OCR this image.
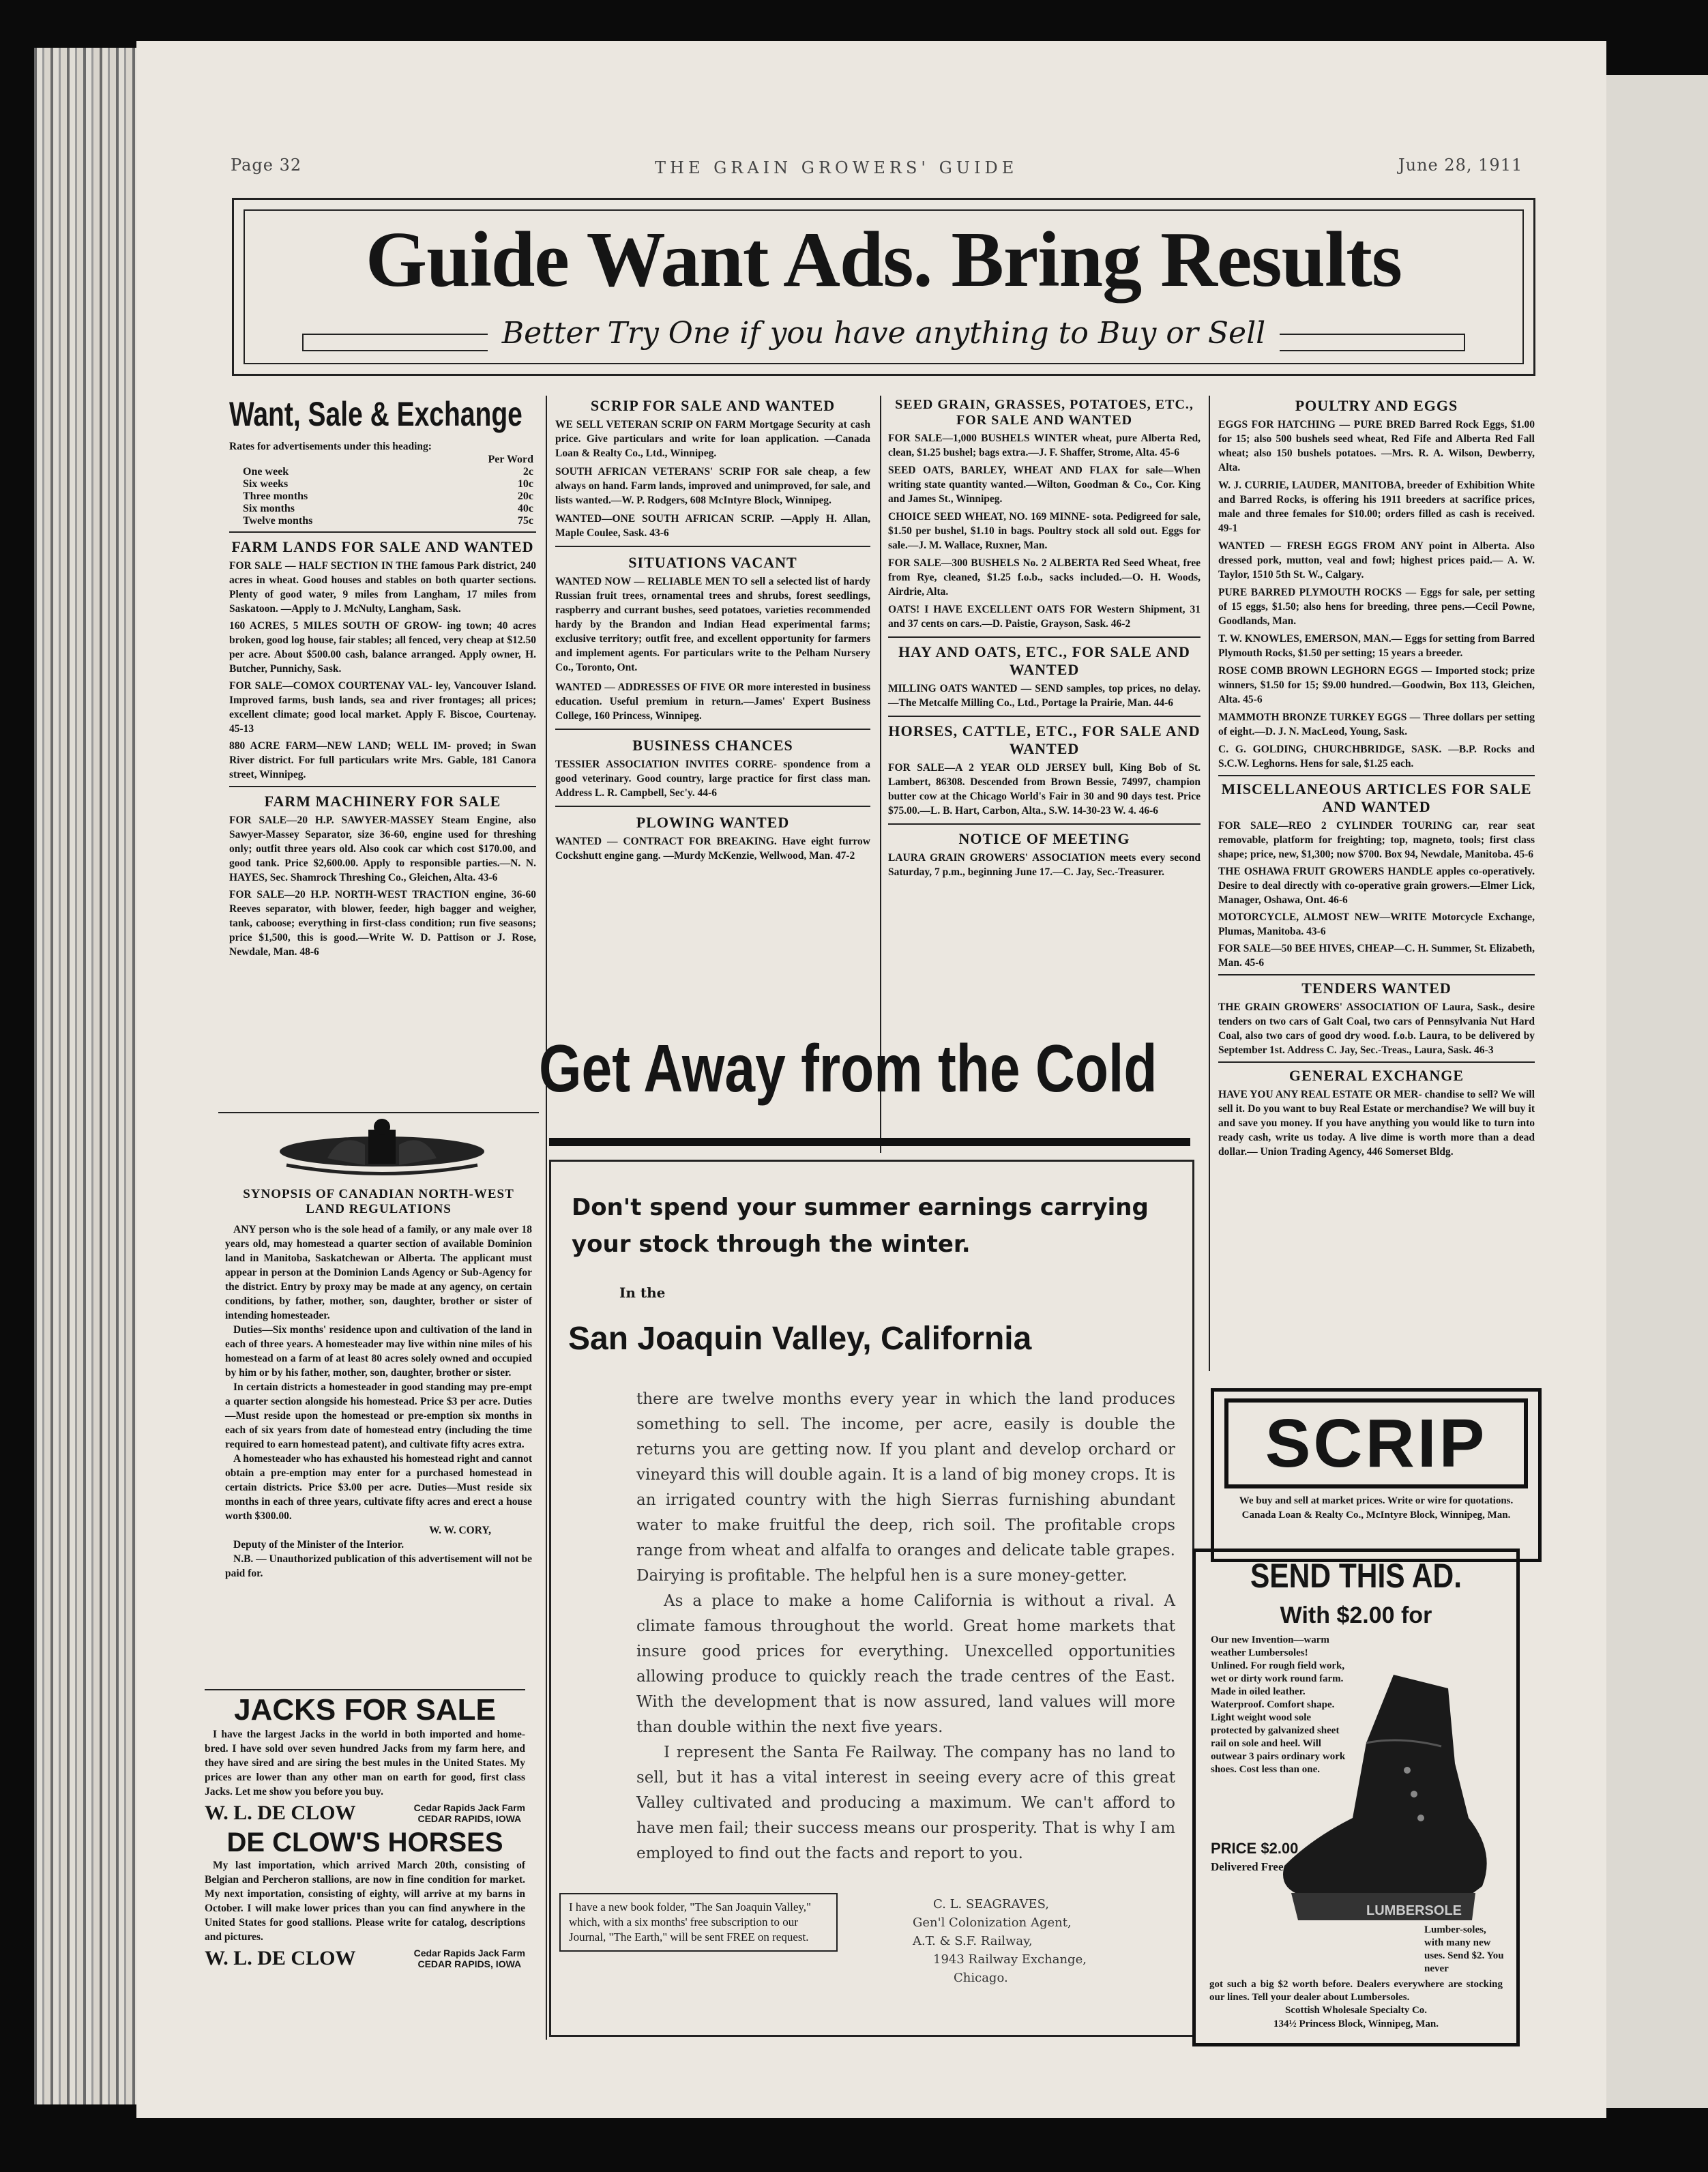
Page 32	THE GRAIN GROWERS' GUIDE	June 28, 1911
Guide Want Ads. Bring Results
Better Try One if you have anything to Buy or Sell
Want, Sale & Exchange
Rates for advertisements under this heading:
	Per Word
One week	2c
Six weeks	10c
Three months	20c
Six months	40c
Twelve months	75c
FARM LANDS FOR SALE AND WANTED
FOR SALE — HALF SECTION IN THE famous Park district, 240 acres in wheat. Good houses and stables on both quarter sections. Plenty of good water, 9 miles from Langham, 17 miles from Saskatoon. —Apply to J. McNulty, Langham, Sask.
160 ACRES, 5 MILES SOUTH OF GROW- ing town; 40 acres broken, good log house, fair stables; all fenced, very cheap at $12.50 per acre. About $500.00 cash, balance arranged. Apply owner, H. Butcher, Punnichy, Sask.
FOR SALE—COMOX COURTENAY VAL- ley, Vancouver Island. Improved farms, bush lands, sea and river frontages; all prices; excellent climate; good local market. Apply F. Biscoe, Courtenay. 45-13
880 ACRE FARM—NEW LAND; WELL IM- proved; in Swan River district. For full particulars write Mrs. Gable, 181 Canora street, Winnipeg.
FARM MACHINERY FOR SALE
FOR SALE—20 H.P. SAWYER-MASSEY Steam Engine, also Sawyer-Massey Separator, size 36-60, engine used for threshing only; outfit three years old. Also cook car which cost $170.00, and good tank. Price $2,600.00. Apply to responsible parties.—N. N. HAYES, Sec. Shamrock Threshing Co., Gleichen, Alta. 43-6
FOR SALE—20 H.P. NORTH-WEST TRACTION engine, 36-60 Reeves separator, with blower, feeder, high bagger and weigher, tank, caboose; everything in first-class condition; run five seasons; price $1,500, this is good.—Write W. D. Pattison or J. Rose, Newdale, Man. 48-6
SYNOPSIS OF CANADIAN NORTH-WEST LAND REGULATIONS
ANY person who is the sole head of a family, or any male over 18 years old, may homestead a quarter section of available Dominion land in Manitoba, Saskatchewan or Alberta. The applicant must appear in person at the Dominion Lands Agency or Sub-Agency for the district. Entry by proxy may be made at any agency, on certain conditions, by father, mother, son, daughter, brother or sister of intending homesteader.
Duties—Six months' residence upon and cultivation of the land in each of three years. A homesteader may live within nine miles of his homestead on a farm of at least 80 acres solely owned and occupied by him or by his father, mother, son, daughter, brother or sister.
In certain districts a homesteader in good standing may pre-empt a quarter section alongside his homestead. Price $3 per acre. Duties—Must reside upon the homestead or pre-emption six months in each of six years from date of homestead entry (including the time required to earn homestead patent), and cultivate fifty acres extra.
A homesteader who has exhausted his homestead right and cannot obtain a pre-emption may enter for a purchased homestead in certain districts. Price $3.00 per acre. Duties—Must reside six months in each of three years, cultivate fifty acres and erect a house worth $300.00.
W. W. CORY,
Deputy of the Minister of the Interior.
N.B. — Unauthorized publication of this advertisement will not be paid for.
JACKS FOR SALE
I have the largest Jacks in the world in both imported and home-bred. I have sold over seven hundred Jacks from my farm here, and they have sired and are siring the best mules in the United States. My prices are lower than any other man on earth for good, first class Jacks. Let me show you before you buy.
W. L. DE CLOW	Cedar Rapids Jack Farm
CEDAR RAPIDS, IOWA
DE CLOW'S HORSES
My last importation, which arrived March 20th, consisting of Belgian and Percheron stallions, are now in fine condition for market. My next importation, consisting of eighty, will arrive at my barns in October. I will make lower prices than you can find anywhere in the United States for good stallions. Please write for catalog, descriptions and pictures.
W. L. DE CLOW	Cedar Rapids Jack Farm
CEDAR RAPIDS, IOWA
SCRIP FOR SALE AND WANTED
WE SELL VETERAN SCRIP ON FARM Mortgage Security at cash price. Give particulars and write for loan application. —Canada Loan & Realty Co., Ltd., Winnipeg.
SOUTH AFRICAN VETERANS' SCRIP FOR sale cheap, a few always on hand. Farm lands, improved and unimproved, for sale, and lists wanted.—W. P. Rodgers, 608 McIntyre Block, Winnipeg.
WANTED—ONE SOUTH AFRICAN SCRIP. —Apply H. Allan, Maple Coulee, Sask. 43-6
SITUATIONS VACANT
WANTED NOW — RELIABLE MEN TO sell a selected list of hardy Russian fruit trees, ornamental trees and shrubs, forest seedlings, raspberry and currant bushes, seed potatoes, varieties recommended hardy by the Brandon and Indian Head experimental farms; exclusive territory; outfit free, and excellent opportunity for farmers and implement agents. For particulars write to the Pelham Nursery Co., Toronto, Ont.
WANTED — ADDRESSES OF FIVE OR more interested in business education. Useful premium in return.—James' Expert Business College, 160 Princess, Winnipeg.
BUSINESS CHANCES
TESSIER ASSOCIATION INVITES CORRE- spondence from a good veterinary. Good country, large practice for first class man. Address L. R. Campbell, Sec'y. 44-6
PLOWING WANTED
WANTED — CONTRACT FOR BREAKING. Have eight furrow Cockshutt engine gang. —Murdy McKenzie, Wellwood, Man. 47-2
SEED GRAIN, GRASSES, POTATOES, ETC., FOR SALE AND WANTED
FOR SALE—1,000 BUSHELS WINTER wheat, pure Alberta Red, clean, $1.25 bushel; bags extra.—J. F. Shaffer, Strome, Alta. 45-6
SEED OATS, BARLEY, WHEAT AND FLAX for sale—When writing state quantity wanted.—Wilton, Goodman & Co., Cor. King and James St., Winnipeg.
CHOICE SEED WHEAT, NO. 169 MINNE- sota. Pedigreed for sale, $1.50 per bushel, $1.10 in bags. Poultry stock all sold out. Eggs for sale.—J. M. Wallace, Ruxner, Man.
FOR SALE—300 BUSHELS No. 2 ALBERTA Red Seed Wheat, free from Rye, cleaned, $1.25 f.o.b., sacks included.—O. H. Woods, Airdrie, Alta.
OATS! I HAVE EXCELLENT OATS FOR Western Shipment, 31 and 37 cents on cars.—D. Paistie, Grayson, Sask. 46-2
HAY AND OATS, ETC., FOR SALE AND WANTED
MILLING OATS WANTED — SEND samples, top prices, no delay.—The Metcalfe Milling Co., Ltd., Portage la Prairie, Man. 44-6
HORSES, CATTLE, ETC., FOR SALE AND WANTED
FOR SALE—A 2 YEAR OLD JERSEY bull, King Bob of St. Lambert, 86308. Descended from Brown Bessie, 74997, champion butter cow at the Chicago World's Fair in 30 and 90 days test. Price $75.00.—L. B. Hart, Carbon, Alta., S.W. 14-30-23 W. 4. 46-6
NOTICE OF MEETING
LAURA GRAIN GROWERS' ASSOCIATION meets every second Saturday, 7 p.m., beginning June 17.—C. Jay, Sec.-Treasurer.
POULTRY AND EGGS
EGGS FOR HATCHING — PURE BRED Barred Rock Eggs, $1.00 for 15; also 500 bushels seed wheat, Red Fife and Alberta Red Fall wheat; also 150 bushels potatoes. —Mrs. R. A. Wilson, Dewberry, Alta.
W. J. CURRIE, LAUDER, MANITOBA, breeder of Exhibition White and Barred Rocks, is offering his 1911 breeders at sacrifice prices, male and three females for $10.00; orders filled as cash is received. 49-1
WANTED — FRESH EGGS FROM ANY point in Alberta. Also dressed pork, mutton, veal and fowl; highest prices paid.— A. W. Taylor, 1510 5th St. W., Calgary.
PURE BARRED PLYMOUTH ROCKS — Eggs for sale, per setting of 15 eggs, $1.50; also hens for breeding, three pens.—Cecil Powne, Goodlands, Man.
T. W. KNOWLES, EMERSON, MAN.— Eggs for setting from Barred Plymouth Rocks, $1.50 per setting; 15 years a breeder.
ROSE COMB BROWN LEGHORN EGGS — Imported stock; prize winners, $1.50 for 15; $9.00 hundred.—Goodwin, Box 113, Gleichen, Alta. 45-6
MAMMOTH BRONZE TURKEY EGGS — Three dollars per setting of eight.—D. J. N. MacLeod, Young, Sask.
C. G. GOLDING, CHURCHBRIDGE, SASK. —B.P. Rocks and S.C.W. Leghorns. Hens for sale, $1.25 each.
MISCELLANEOUS ARTICLES FOR SALE AND WANTED
FOR SALE—REO 2 CYLINDER TOURING car, rear seat removable, platform for freighting; top, magneto, tools; first class shape; price, new, $1,300; now $700. Box 94, Newdale, Manitoba. 45-6
THE OSHAWA FRUIT GROWERS HANDLE apples co-operatively. Desire to deal directly with co-operative grain growers.—Elmer Lick, Manager, Oshawa, Ont. 46-6
MOTORCYCLE, ALMOST NEW—WRITE Motorcycle Exchange, Plumas, Manitoba. 43-6
FOR SALE—50 BEE HIVES, CHEAP—C. H. Summer, St. Elizabeth, Man. 45-6
TENDERS WANTED
THE GRAIN GROWERS' ASSOCIATION OF Laura, Sask., desire tenders on two cars of Galt Coal, two cars of Pennsylvania Nut Hard Coal, also two cars of good dry wood. f.o.b. Laura, to be delivered by September 1st. Address C. Jay, Sec.-Treas., Laura, Sask. 46-3
GENERAL EXCHANGE
HAVE YOU ANY REAL ESTATE OR MER- chandise to sell? We will sell it. Do you want to buy Real Estate or merchandise? We will buy it and save you money. If you have anything you would like to turn into ready cash, write us today. A live dime is worth more than a dead dollar.— Union Trading Agency, 446 Somerset Bldg.
Get Away from the Cold
Don't spend your summer earnings carrying your stock through the winter.
In the
San Joaquin Valley, California
there are twelve months every year in which the land produces something to sell. The income, per acre, easily is double the returns you are getting now. If you plant and develop orchard or vineyard this will double again. It is a land of big money crops. It is an irrigated country with the high Sierras furnishing abundant water to make fruitful the deep, rich soil. The profitable crops range from wheat and alfalfa to oranges and delicate table grapes. Dairying is profitable. The helpful hen is a sure money-getter.
As a place to make a home California is without a rival. A climate famous throughout the world. Great home markets that insure good prices for everything. Unexcelled opportunities allowing produce to quickly reach the trade centres of the East. With the development that is now assured, land values will more than double within the next five years.
I represent the Santa Fe Railway. The company has no land to sell, but it has a vital interest in seeing every acre of this great Valley cultivated and producing a maximum. We can't afford to have men fail; their success means our prosperity. That is why I am employed to find out the facts and report to you.
I have a new book folder, "The San Joaquin Valley," which, with a six months' free subscription to our Journal, "The Earth," will be sent FREE on request.
C. L. SEAGRAVES,
Gen'l Colonization Agent,
A.T. & S.F. Railway,
1943 Railway Exchange,
Chicago.
SCRIP
We buy and sell at market prices. Write or wire for quotations. Canada Loan & Realty Co., McIntyre Block, Winnipeg, Man.
SEND THIS AD.
With $2.00 for
Our new Invention—warm weather Lumbersoles! Unlined. For rough field work, wet or dirty work round farm. Made in oiled leather. Waterproof. Comfort shape. Light weight wood sole protected by galvanized sheet rail on sole and heel. Will outwear 3 pairs ordinary work shoes. Cost less than one.
PRICE $2.00
Delivered Free
LUMBERSOLE
Lumber-soles, with many new uses. Send $2. You never
got such a big $2 worth before. Dealers everywhere are stocking our lines. Tell your dealer about Lumbersoles.
Scottish Wholesale Specialty Co.
134½ Princess Block, Winnipeg, Man.
